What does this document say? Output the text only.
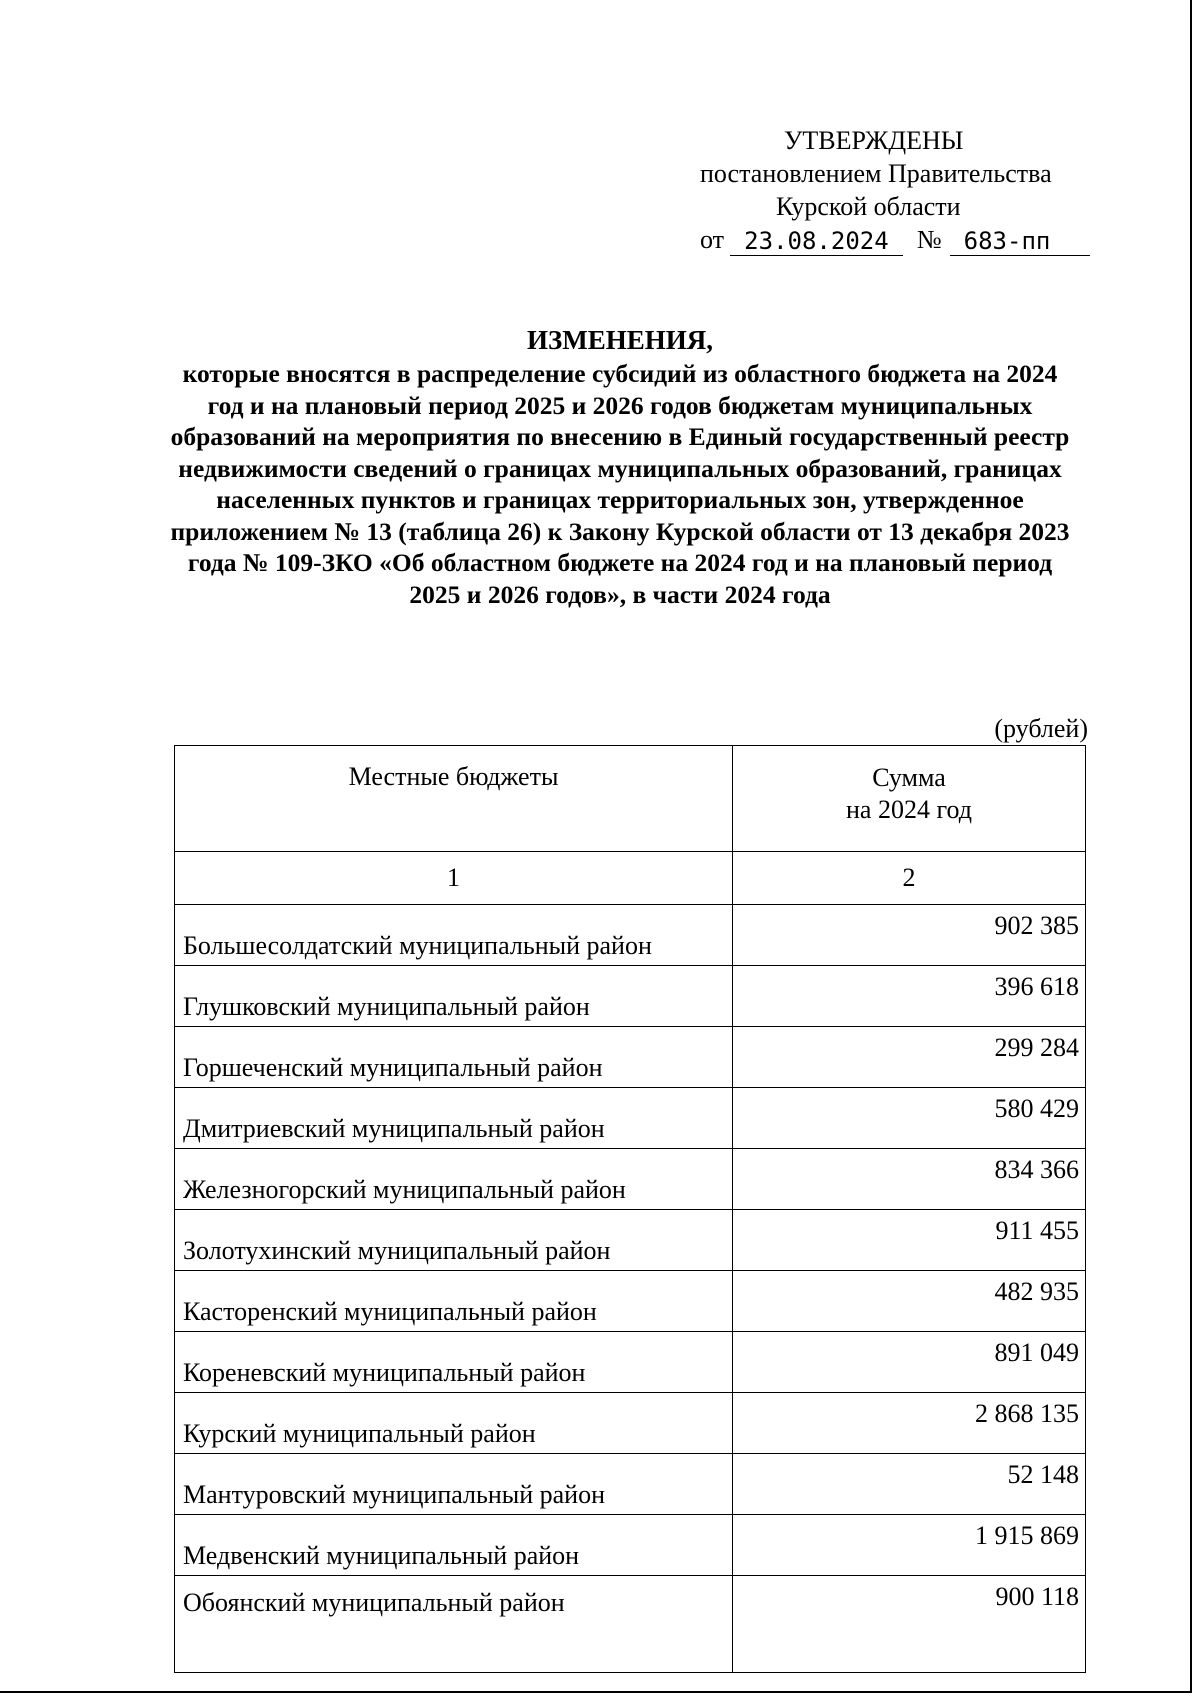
УТВЕРЖДЕНЫ
постановлением Правительства
Курской области
от 23.08.2024	№ 683-пп
ИЗМЕНЕНИЯ,

которые вносятся в распределение субсидий из областного бюджета на 2024 год и на плановый период 2025 и 2026 годов бюджетам муниципальных образований на мероприятия по внесению в Единый государственный реестр недвижимости сведений о границах муниципальных образований, границах населенных пунктов и границах территориальных зон, утвержденное приложением № 13 (таблица 26) к Закону Курской области от 13 декабря 2023 года № 109-ЗКО «Об областном бюджете на 2024 год и на плановый период 2025 и 2026 годов», в части 2024 года

(рублей)
Местные бюджеты	Сумма
на 2024 год

1	2
Большесолдатский муниципальный район	902 385
Глушковский муниципальный район	396 618
Горшеченский муниципальный район	299 284
Дмитриевский муниципальный район	580 429
Железногорский муниципальный район	834 366
Золотухинский муниципальный район	911 455
Касторенский муниципальный район	482 935
Кореневский муниципальный район	891 049
Курский муниципальный район	2 868 135
Мантуровский муниципальный район	52 148
Медвенский муниципальный район	1 915 869
Обоянский муниципальный район	900 118
